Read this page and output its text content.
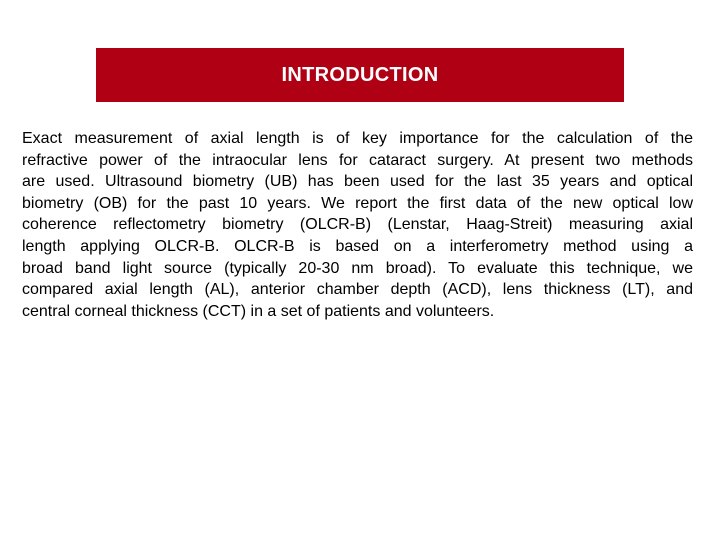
INTRODUCTION
Exact measurement of axial length is of key importance for the calculation of the
refractive power of the intraocular lens for cataract surgery. At present two methods
are used. Ultrasound biometry (UB) has been used for the last 35 years and optical
biometry (OB) for the past 10 years. We report the first data of the new optical low
coherence reflectometry biometry (OLCR-B) (Lenstar, Haag-Streit) measuring axial
length applying OLCR-B. OLCR-B is based on a interferometry method using a
broad band light source (typically 20-30 nm broad). To evaluate this technique, we
compared axial length (AL), anterior chamber depth (ACD), lens thickness (LT), and
central corneal thickness (CCT) in a set of patients and volunteers.
